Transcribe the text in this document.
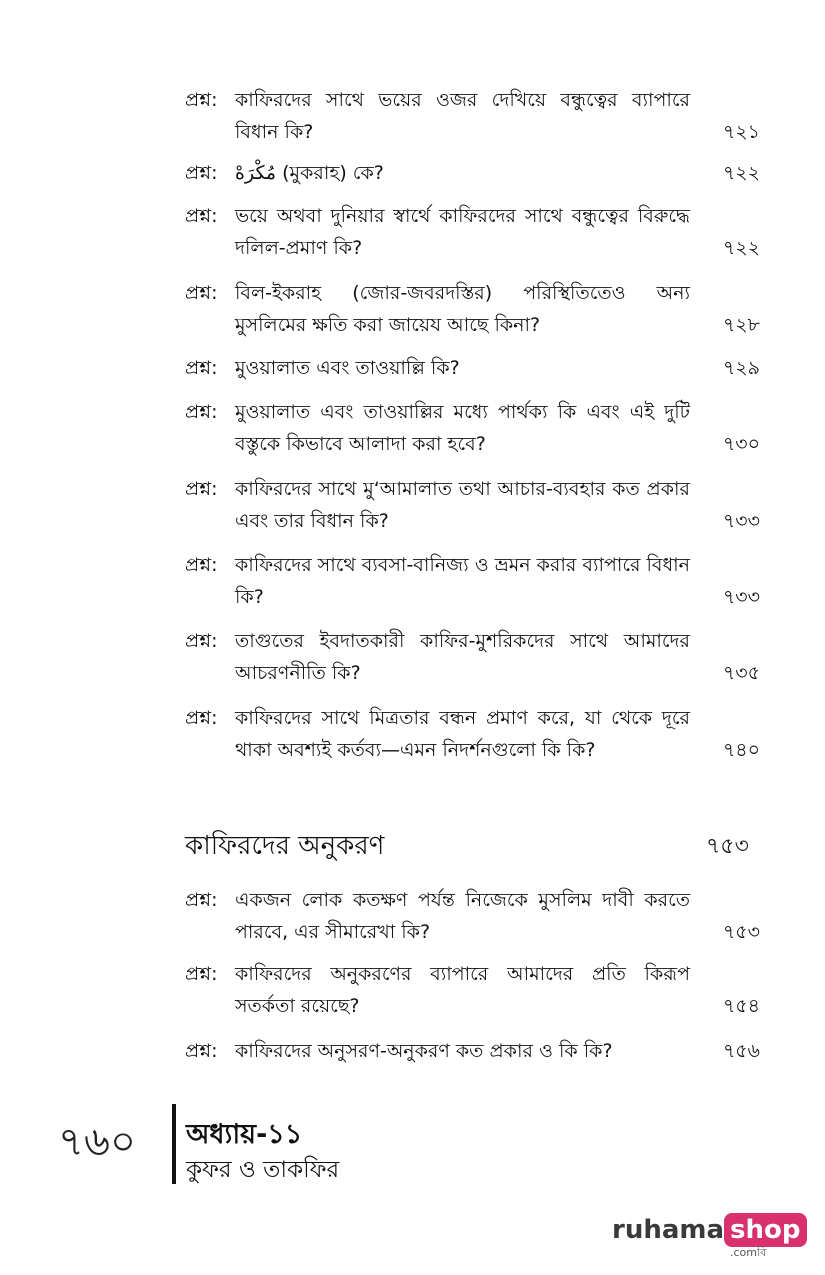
প্রশ্ন: কাফিরদের সাথে ভয়ের ওজর দেখিয়ে বন্ধুত্বের ব্যাপারে বিধান কি?	৭২১
প্রশ্ন: مُكْرَهْ (মুকরাহ) কে?	৭২২
প্রশ্ন: ভয়ে অথবা দুনিয়ার স্বার্থে কাফিরদের সাথে বন্ধুত্বের বিরুদ্ধে দলিল-প্রমাণ কি?	৭২২
প্রশ্ন: বিল-ইকরাহ (জোর-জবরদস্তির) পরিস্থিতিতেও অন্য মুসলিমের ক্ষতি করা জায়েয আছে কিনা?	৭২৮
প্রশ্ন: মুওয়ালাত এবং তাওয়াল্লি কি?	৭২৯
প্রশ্ন: মুওয়ালাত এবং তাওয়াল্লির মধ্যে পার্থক্য কি এবং এই দুটি বস্তুকে কিভাবে আলাদা করা হবে?	৭৩০
প্রশ্ন: কাফিরদের সাথে মু‘আমালাত তথা আচার-ব্যবহার কত প্রকার এবং তার বিধান কি?	৭৩৩
প্রশ্ন: কাফিরদের সাথে ব্যবসা-বানিজ্য ও ভ্রমন করার ব্যাপারে বিধান কি?	৭৩৩
প্রশ্ন: তাগুতের ইবদাতকারী কাফির-মুশরিকদের সাথে আমাদের আচরণনীতি কি?	৭৩৫
প্রশ্ন: কাফিরদের সাথে মিত্রতার বন্ধন প্রমাণ করে, যা থেকে দূরে থাকা অবশ্যই কর্তব্য—এমন নিদর্শনগুলো কি কি?	৭৪০
কাফিরদের অনুকরণ	৭৫৩
প্রশ্ন: একজন লোক কতক্ষণ পর্যন্ত নিজেকে মুসলিম দাবী করতে পারবে, এর সীমারেখা কি?	৭৫৩
প্রশ্ন: কাফিরদের অনুকরণের ব্যাপারে আমাদের প্রতি কিরূপ সতর্কতা রয়েছে?	৭৫৪
প্রশ্ন: কাফিরদের অনুসরণ-অনুকরণ কত প্রকার ও কি কি?	৭৫৬
৭৬০ অধ্যায়-১১
কুফর ও তাকফির
ruhama shop
.comবি
